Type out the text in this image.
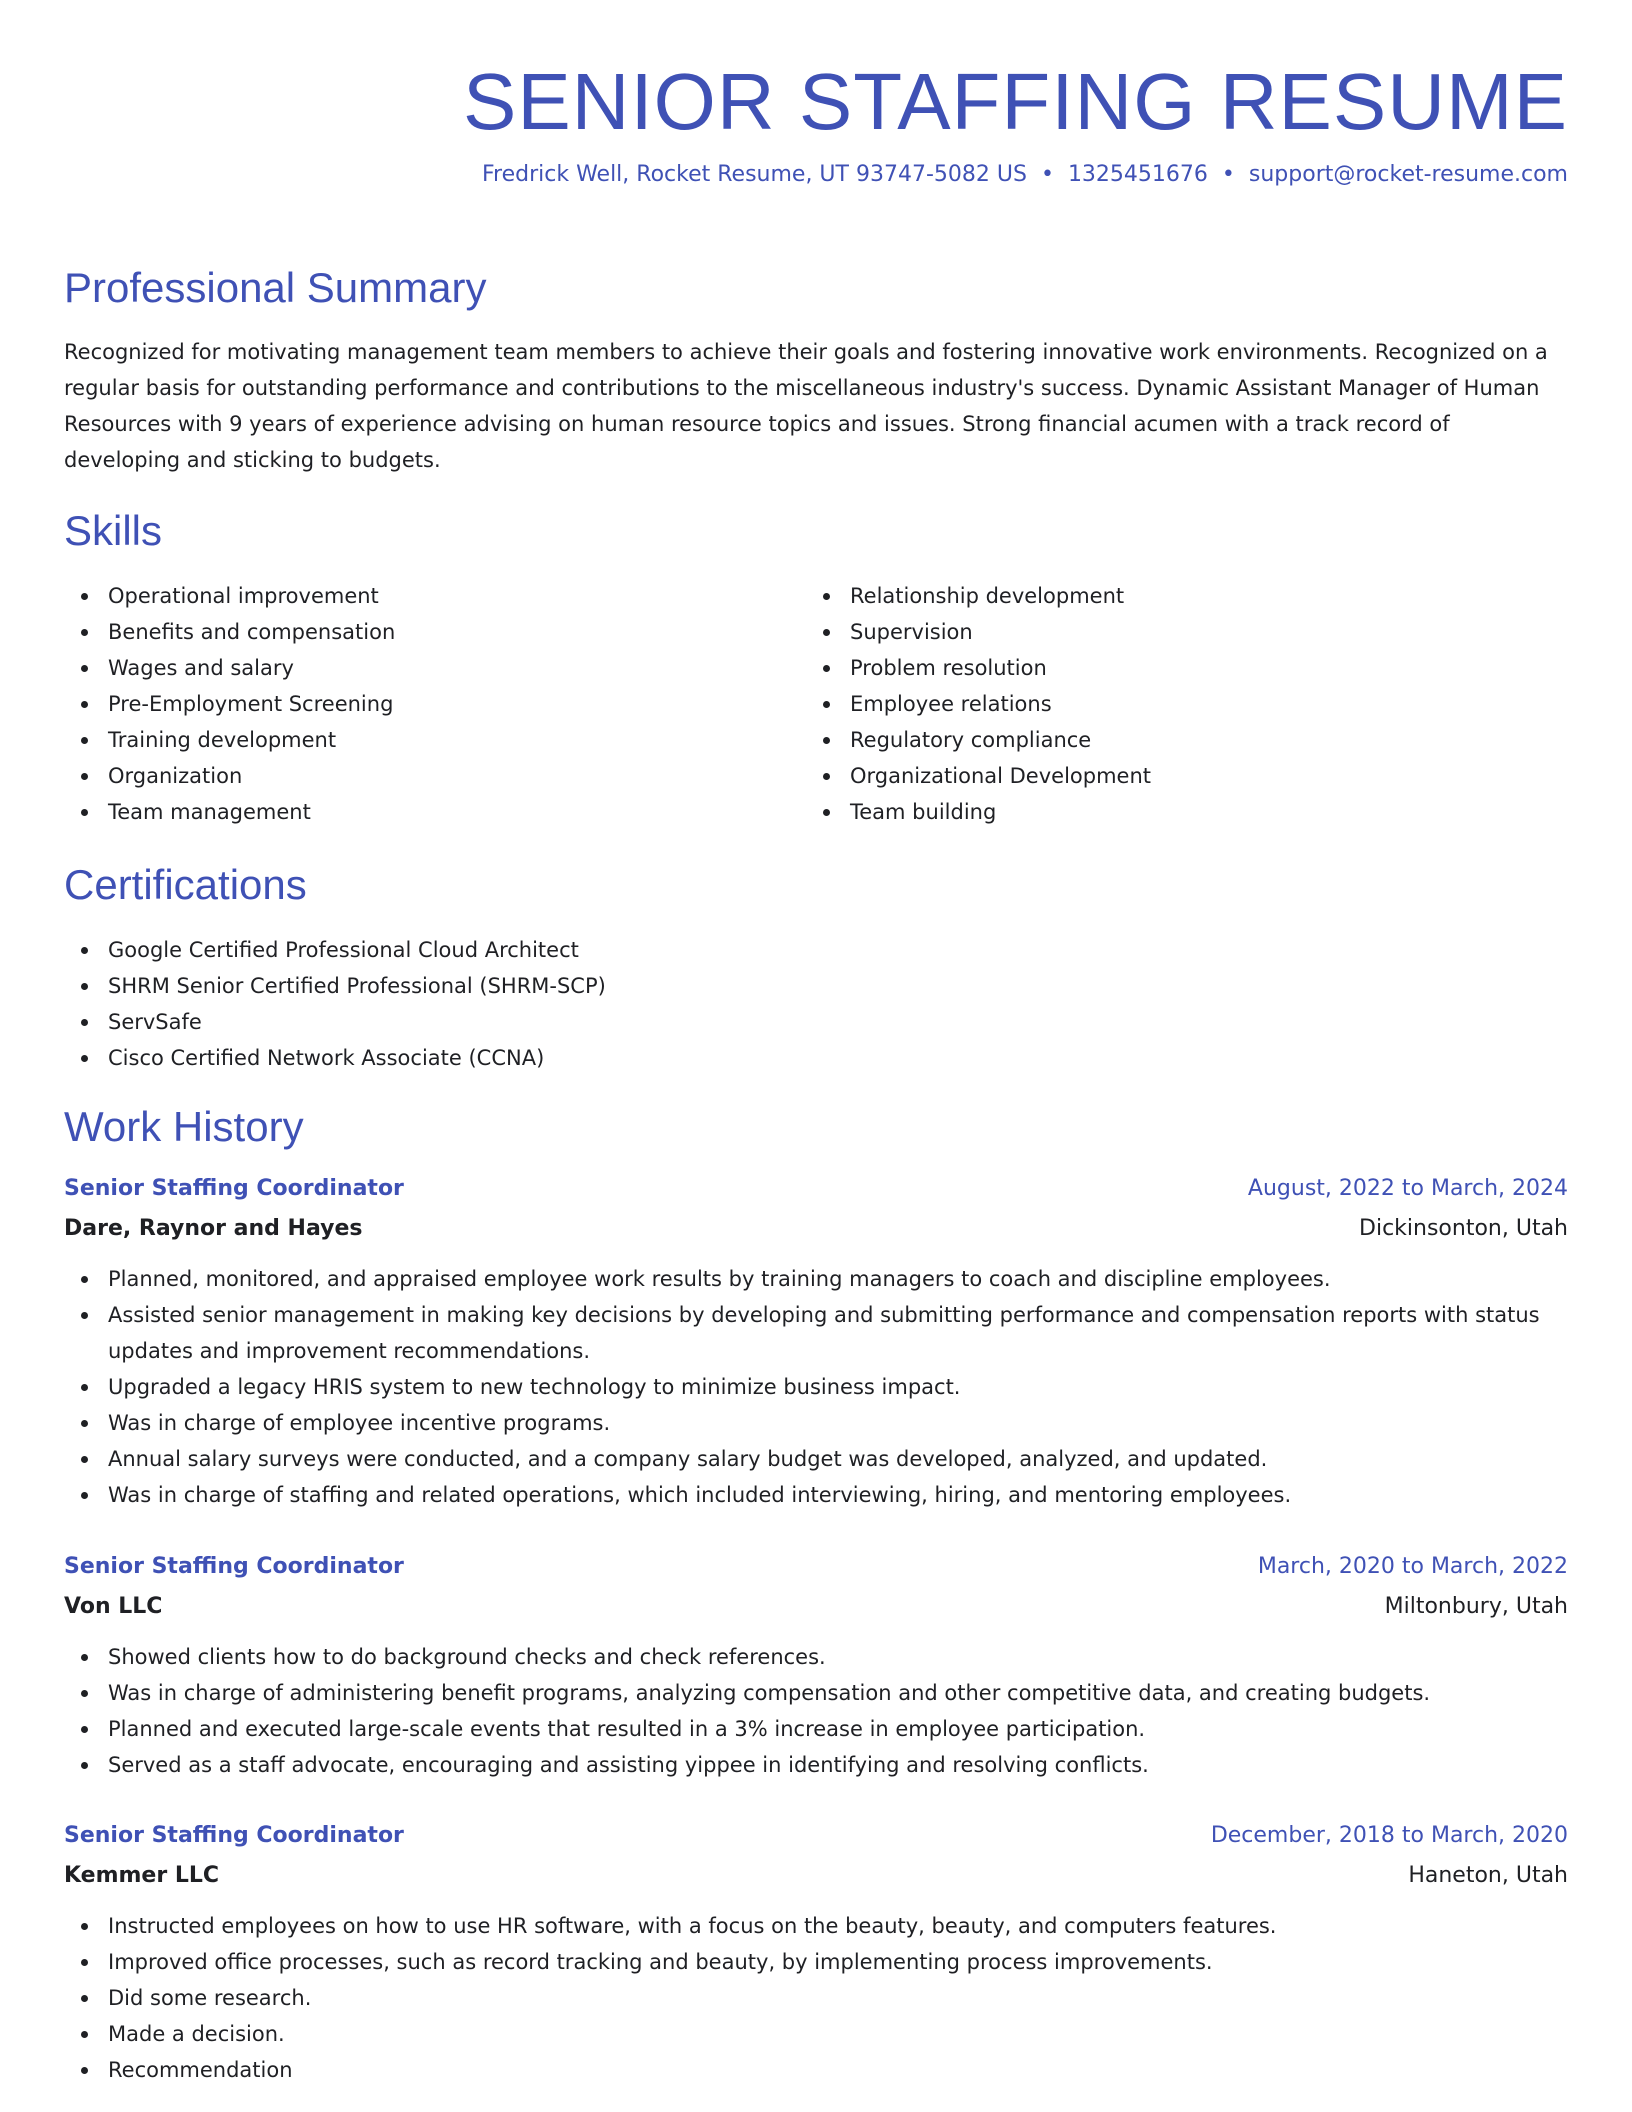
SENIOR STAFFING RESUME
Fredrick Well, Rocket Resume, UT 93747-5082 US • 1325451676 • support@rocket-resume.com
Professional Summary

Recognized for motivating management team members to achieve their goals and fostering innovative work environments. Recognized on a regular basis for outstanding performance and contributions to the miscellaneous industry's success. Dynamic Assistant Manager of Human Resources with 9 years of experience advising on human resource topics and issues. Strong financial acumen with a track record of developing and sticking to budgets.

Skills
Operational improvement
Benefits and compensation
Wages and salary
Pre-Employment Screening
Training development
Organization
Team management
Relationship development
Supervision
Problem resolution
Employee relations
Regulatory compliance
Organizational Development
Team building
Certifications
Google Certified Professional Cloud Architect
SHRM Senior Certified Professional (SHRM-SCP)
ServSafe
Cisco Certified Network Associate (CCNA)
Work History
Senior Staffing Coordinator	August, 2022 to March, 2024
Dare, Raynor and Hayes	Dickinsonton, Utah
Planned, monitored, and appraised employee work results by training managers to coach and discipline employees.
Assisted senior management in making key decisions by developing and submitting performance and compensation reports with status updates and improvement recommendations.
Upgraded a legacy HRIS system to new technology to minimize business impact.
Was in charge of employee incentive programs.
Annual salary surveys were conducted, and a company salary budget was developed, analyzed, and updated.
Was in charge of staffing and related operations, which included interviewing, hiring, and mentoring employees.
Senior Staffing Coordinator	March, 2020 to March, 2022
Von LLC	Miltonbury, Utah
Showed clients how to do background checks and check references.
Was in charge of administering benefit programs, analyzing compensation and other competitive data, and creating budgets.
Planned and executed large-scale events that resulted in a 3% increase in employee participation.
Served as a staff advocate, encouraging and assisting yippee in identifying and resolving conflicts.
Senior Staffing Coordinator	December, 2018 to March, 2020
Kemmer LLC	Haneton, Utah
Instructed employees on how to use HR software, with a focus on the beauty, beauty, and computers features.
Improved office processes, such as record tracking and beauty, by implementing process improvements.
Did some research.
Made a decision.
Recommendation
